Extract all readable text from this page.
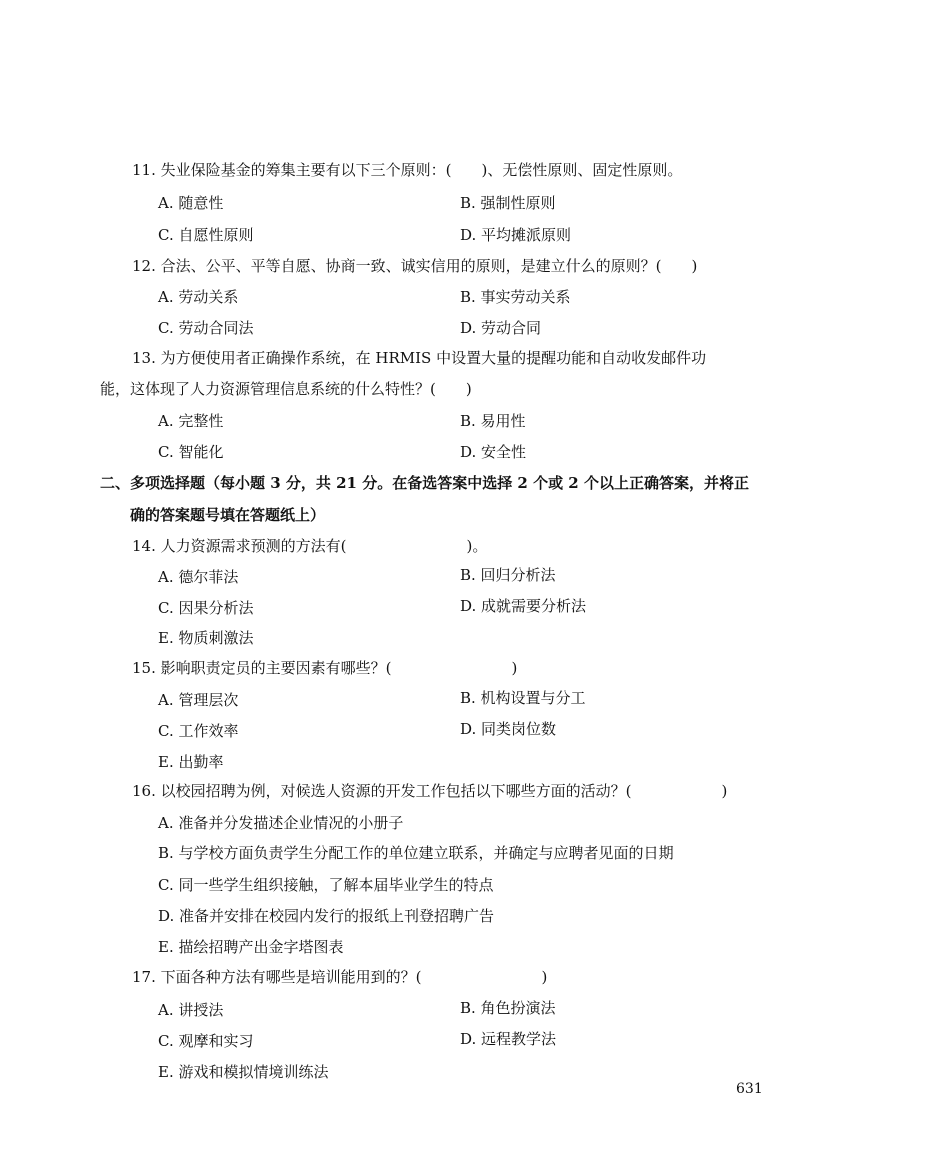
11. 失业保险基金的筹集主要有以下三个原则：(　　)、无偿性原则、固定性原则。
A. 随意性	B. 强制性原则
C. 自愿性原则	D. 平均摊派原则
12. 合法、公平、平等自愿、协商一致、诚实信用的原则，是建立什么的原则？(　　)
A. 劳动关系	B. 事实劳动关系
C. 劳动合同法	D. 劳动合同
13. 为方便使用者正确操作系统，在 HRMIS 中设置大量的提醒功能和自动收发邮件功
能，这体现了人力资源管理信息系统的什么特性？(　　)
A. 完整性	B. 易用性
C. 智能化	D. 安全性
二、多项选择题（每小题 3 分，共 21 分。在备选答案中选择 2 个或 2 个以上正确答案，并将正
确的答案题号填在答题纸上）
14. 人力资源需求预测的方法有(　　　　　　　　)。
A. 德尔菲法	B. 回归分析法
C. 因果分析法	D. 成就需要分析法
E. 物质刺激法
15. 影响职责定员的主要因素有哪些？(　　　　　　　　)
A. 管理层次	B. 机构设置与分工
C. 工作效率	D. 同类岗位数
E. 出勤率
16. 以校园招聘为例，对候选人资源的开发工作包括以下哪些方面的活动？(　　　　　　)
A. 准备并分发描述企业情况的小册子
B. 与学校方面负责学生分配工作的单位建立联系，并确定与应聘者见面的日期
C. 同一些学生组织接触，了解本届毕业学生的特点
D. 准备并安排在校园内发行的报纸上刊登招聘广告
E. 描绘招聘产出金字塔图表
17. 下面各种方法有哪些是培训能用到的？(　　　　　　　　)
A. 讲授法	B. 角色扮演法
C. 观摩和实习	D. 远程教学法
E. 游戏和模拟情境训练法
631
